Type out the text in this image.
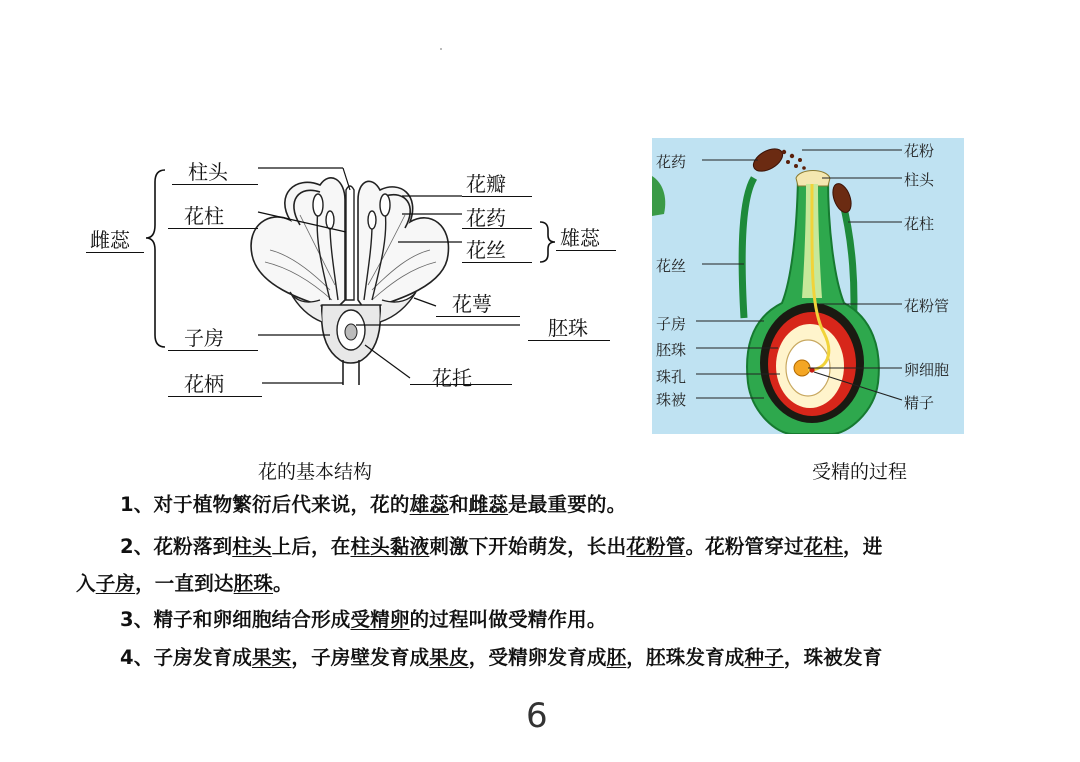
雌蕊
柱头
花柱
子房
花柄
花瓣
花药
花丝	雄蕊
花萼
胚珠
花托
花的基本结构
花药
花粉
柱头
花柱
花丝
花粉管
子房
胚珠
珠孔
珠被
卵细胞
精子
受精的过程
1、对于植物繁衍后代来说，花的雄蕊和雌蕊是最重要的。
2、花粉落到柱头上后，在柱头黏液刺激下开始萌发，长出花粉管。花粉管穿过花柱，进
入子房，一直到达胚珠。
3、精子和卵细胞结合形成受精卵的过程叫做受精作用。
4、子房发育成果实，子房壁发育成果皮，受精卵发育成胚，胚珠发育成种子，珠被发育
6
